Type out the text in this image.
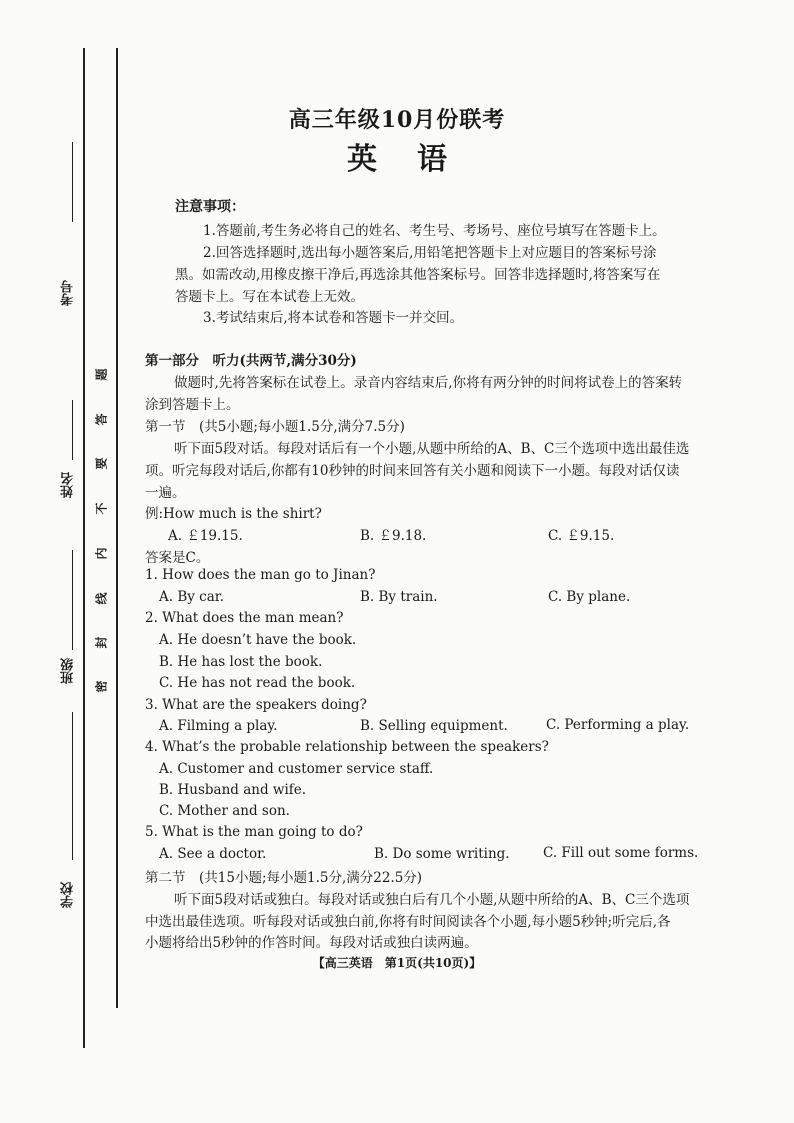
考号
姓名
班级
学校
题
答
要
不
内
线
封
密
高三年级10月份联考
英语
注意事项：
1.答题前,考生务必将自己的姓名、考生号、考场号、座位号填写在答题卡上。
2.回答选择题时,选出每小题答案后,用铅笔把答题卡上对应题目的答案标号涂
黑。如需改动,用橡皮擦干净后,再选涂其他答案标号。回答非选择题时,将答案写在
答题卡上。写在本试卷上无效。
3.考试结束后,将本试卷和答题卡一并交回。
第一部分　听力(共两节,满分30分)
做题时,先将答案标在试卷上。录音内容结束后,你将有两分钟的时间将试卷上的答案转
涂到答题卡上。
第一节　(共5小题;每小题1.5分,满分7.5分)
听下面5段对话。每段对话后有一个小题,从题中所给的A、B、C三个选项中选出最佳选
项。听完每段对话后,你都有10秒钟的时间来回答有关小题和阅读下一小题。每段对话仅读
一遍。
例:How much is the shirt?
A. ￡19.15.	B. ￡9.18.	C. ￡9.15.
答案是C。
1. How does the man go to Jinan?
A. By car.	B. By train.	C. By plane.
2. What does the man mean?
A. He doesn’t have the book.
B. He has lost the book.
C. He has not read the book.
3. What are the speakers doing?
A. Filming a play.	B. Selling equipment.	C. Performing a play.
4. What’s the probable relationship between the speakers?
A. Customer and customer service staff.
B. Husband and wife.
C. Mother and son.
5. What is the man going to do?
A. See a doctor.	B. Do some writing. C. Fill out some forms.
第二节　(共15小题;每小题1.5分,满分22.5分)
听下面5段对话或独白。每段对话或独白后有几个小题,从题中所给的A、B、C三个选项
中选出最佳选项。听每段对话或独白前,你将有时间阅读各个小题,每小题5秒钟;听完后,各
小题将给出5秒钟的作答时间。每段对话或独白读两遍。
【高三英语　第1页(共10页)】
